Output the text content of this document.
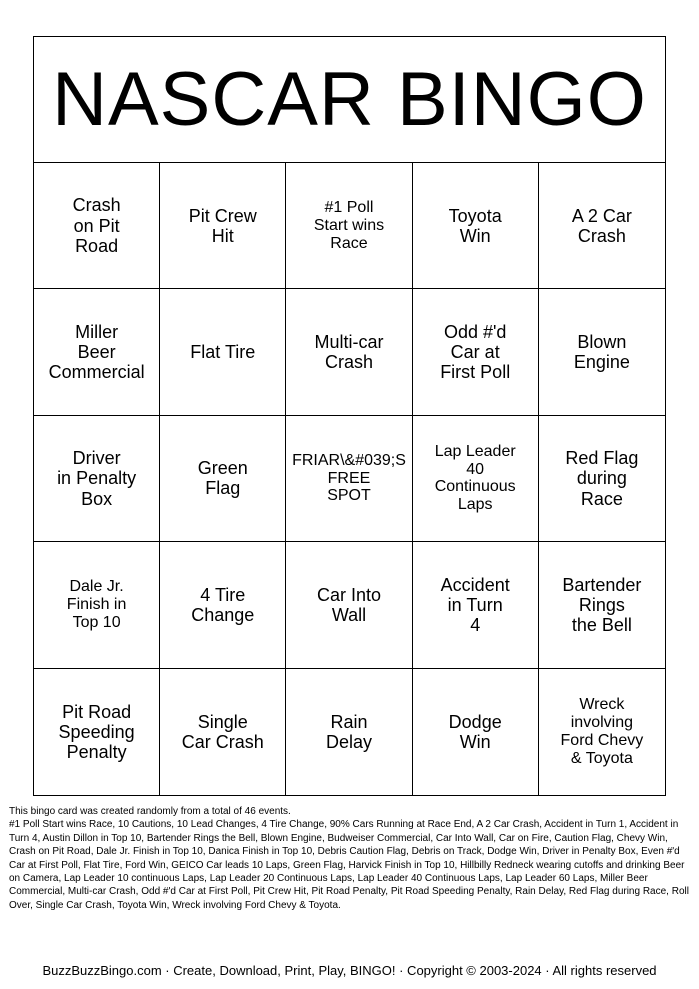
NASCAR BINGO
Crash
on Pit
Road
Pit Crew
Hit
#1 Poll
Start wins
Race
Toyota
Win
A 2 Car
Crash
Miller
Beer
Commercial
Flat Tire
Multi-car
Crash
Odd #'d
Car at
First Poll
Blown
Engine
Driver
in Penalty
Box
Green
Flag
FRIAR\&#039;S
FREE
SPOT
Lap Leader
40
Continuous
Laps
Red Flag
during
Race
Dale Jr.
Finish in
Top 10
4 Tire
Change
Car Into
Wall
Accident
in Turn
4
Bartender
Rings
the Bell
Pit Road
Speeding
Penalty
Single
Car Crash
Rain
Delay
Dodge
Win
Wreck
involving
Ford Chevy
& Toyota
This bingo card was created randomly from a total of 46 events.
#1 Poll Start wins Race, 10 Cautions, 10 Lead Changes, 4 Tire Change, 90% Cars Running at Race End, A 2 Car Crash, Accident in Turn 1, Accident in Turn 4, Austin Dillon in Top 10, Bartender Rings the Bell, Blown Engine, Budweiser Commercial, Car Into Wall, Car on Fire, Caution Flag, Chevy Win, Crash on Pit Road, Dale Jr. Finish in Top 10, Danica Finish in Top 10, Debris Caution Flag, Debris on Track, Dodge Win, Driver in Penalty Box, Even #'d Car at First Poll, Flat Tire, Ford Win, GEICO Car leads 10 Laps, Green Flag, Harvick Finish in Top 10, Hillbilly Redneck wearing cutoffs and drinking Beer on Camera, Lap Leader 10 continuous Laps, Lap Leader 20 Continuous Laps, Lap Leader 40 Continuous Laps, Lap Leader 60 Laps, Miller Beer Commercial, Multi-car Crash, Odd #'d Car at First Poll, Pit Crew Hit, Pit Road Penalty, Pit Road Speeding Penalty, Rain Delay, Red Flag during Race, Roll Over, Single Car Crash, Toyota Win, Wreck involving Ford Chevy & Toyota.
BuzzBuzzBingo.com · Create, Download, Print, Play, BINGO! · Copyright © 2003-2024 · All rights reserved
